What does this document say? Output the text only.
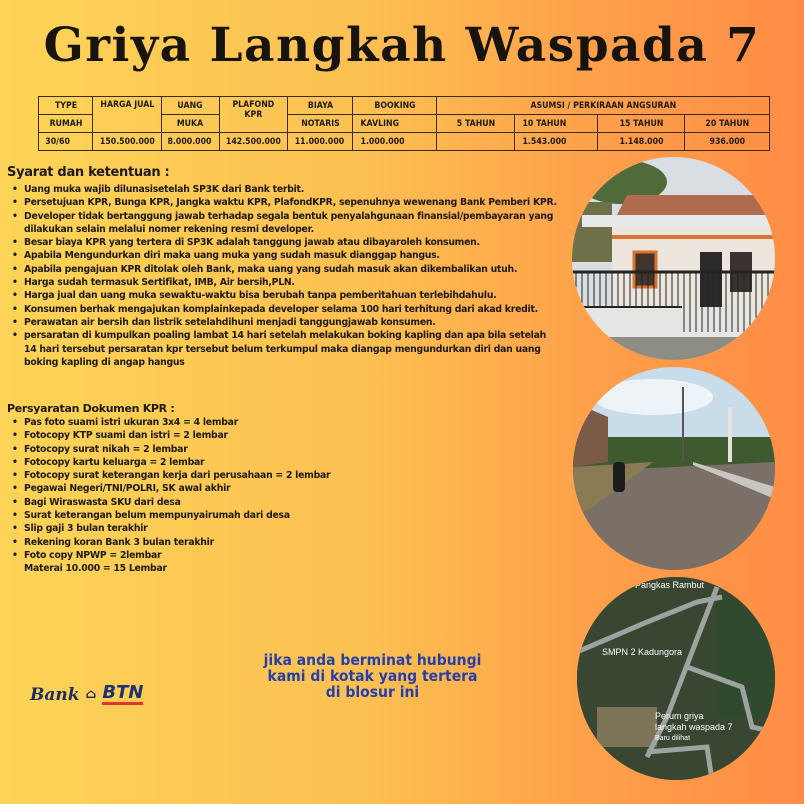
Griya Langkah Waspada 7
TYPE	HARGA JUAL	UANG	PLAFOND KPR	BIAYA	BOOKING	ASUMSI / PERKIRAAN ANGSURAN			
RUMAH		MUKA		NOTARIS	KAVLING	5 TAHUN	10 TAHUN	15 TAHUN	20 TAHUN
30/60	150.500.000	8.000.000	142.500.000	11.000.000	1.000.000		1.543.000	1.148.000	936.000
Syarat dan ketentuan :
• Uang muka wajib dilunasisetelah SP3K dari Bank terbit.
• Persetujuan KPR, Bunga KPR, Jangka waktu KPR, PlafondKPR, sepenuhnya wewenang Bank Pemberi KPR.
• Developer tidak bertanggung jawab terhadap segala bentuk penyalahgunaan finansial/pembayaran yang dilakukan selain melalui nomer rekening resmi developer.
• Besar biaya KPR yang tertera di SP3K adalah tanggung jawab atau dibayaroleh konsumen.
• Apabila Mengundurkan diri maka uang muka yang sudah masuk dianggap hangus.
• Apabila pengajuan KPR ditolak oleh Bank, maka uang yang sudah masuk akan dikembalikan utuh.
• Harga sudah termasuk Sertifikat, IMB, Air bersih,PLN.
• Harga jual dan uang muka sewaktu-waktu bisa berubah tanpa pemberitahuan terlebihdahulu.
• Konsumen berhak mengajukan komplainkepada developer selama 100 hari terhitung dari akad kredit.
• Perawatan air bersih dan listrik setelahdihuni menjadi tanggungjawab konsumen.
• persaratan di kumpulkan poaling lambat 14 hari setelah melakukan boking kapling dan apa bila setelah 14 hari tersebut persaratan kpr tersebut belum terkumpul maka diangap mengundurkan diri dan uang boking kapling di angap hangus
Persyaratan Dokumen KPR :
• Pas foto suami istri ukuran 3x4 = 4 lembar
• Fotocopy KTP suami dan istri = 2 lembar
• Fotocopy surat nikah = 2 lembar
• Fotocopy kartu keluarga = 2 lembar
• Fotocopy surat keterangan kerja dari perusahaan = 2 lembar
• Pegawai Negeri/TNI/POLRI, SK awal akhir
• Bagi Wiraswasta SKU dari desa
• Surat keterangan belum mempunyairumah dari desa
• Slip gaji 3 bulan terakhir
• Rekening koran Bank 3 bulan terakhir
• Foto copy NPWP = 2lembar
Materai 10.000 = 15 Lembar
Pangkas Rambut
SMPN 2 Kadungora
Perum griya
langkah waspada 7
Baru dilihat
Bank ⌂ BTN
jika anda berminat hubungi
kami di kotak yang tertera
di blosur ini
